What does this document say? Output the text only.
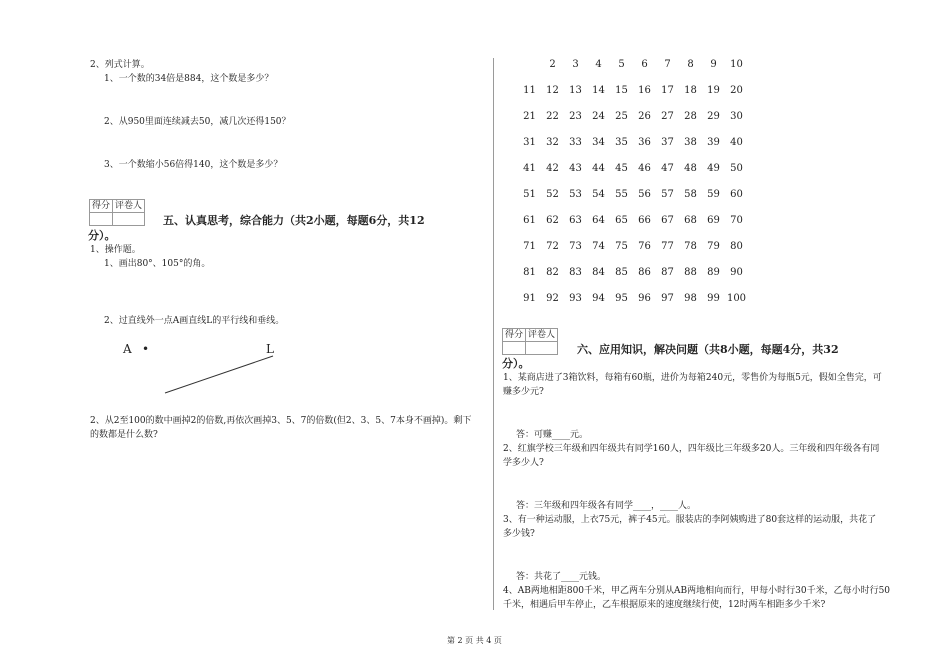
2、列式计算。
1、一个数的34倍是884，这个数是多少？
2、从950里面连续减去50，减几次还得150？
3、一个数缩小56倍得140，这个数是多少？
得分	评卷人

五、认真思考，综合能力（共2小题，每题6分，共12
分）。
1、操作题。
1、画出80°、105°的角。
2、过直线外一点A画直线L的平行线和垂线。
A •	L
2、从2至100的数中画掉2的倍数,再依次画掉3、5、7的倍数(但2、3、5、7本身不画掉)。剩下
的数都是什么数?
2	3	4	5	6	7	8	9	10
11	12	13	14	15	16	17	18	19	20
21	22	23	24	25	26	27	28	29	30
31	32	33	34	35	36	37	38	39	40
41	42	43	44	45	46	47	48	49	50
51	52	53	54	55	56	57	58	59	60
61	62	63	64	65	66	67	68	69	70
71	72	73	74	75	76	77	78	79	80
81	82	83	84	85	86	87	88	89	90
91	92	93	94	95	96	97	98	99 100
得分	评卷人

六、应用知识，解决问题（共8小题，每题4分，共32
分）。
1、某商店进了3箱饮料，每箱有60瓶，进价为每箱240元，零售价为每瓶5元，假如全售完，可
赚多少元?
答：可赚____元。
2、红旗学校三年级和四年级共有同学160人，四年级比三年级多20人。三年级和四年级各有同
学多少人?
答：三年级和四年级各有同学____，____人。
3、有一种运动服，上衣75元，裤子45元。服装店的李阿姨购进了80套这样的运动服，共花了
多少钱?
答：共花了____元钱。
4、AB两地相距800千米，甲乙两车分别从AB两地相向而行，甲每小时行30千米，乙每小时行50
千米，相遇后甲车停止，乙车根据原来的速度继续行使，12时两车相距多少千米?
第 2 页 共 4 页
